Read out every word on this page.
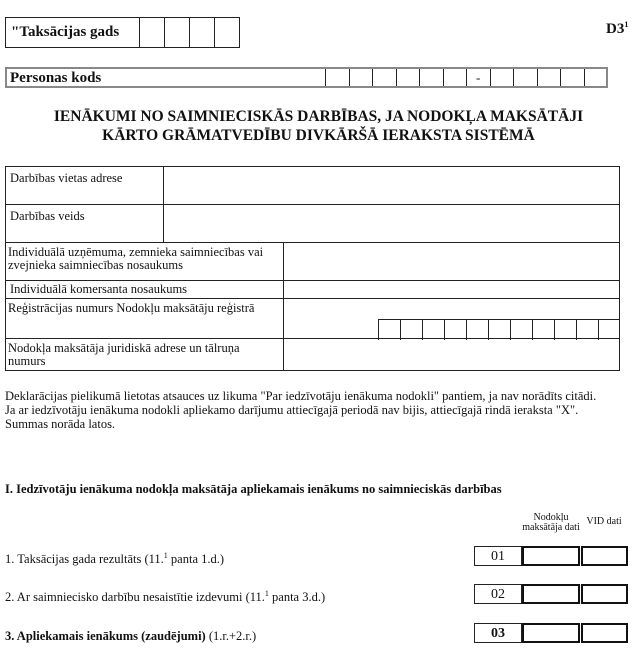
"Taksācijas gads	$D3^1$
Personas kods	-
IENĀKUMI NO SAIMNIECISKĀS DARBĪBAS, JA NODOKĻA MAKSĀTĀJI
KĀRTO GRĀMATVEDĪBU DIVKĀRŠĀ IERAKSTA SISTĒMĀ
Darbības vietas adrese
Darbības veids
Individuālā uzņēmuma, zemnieka saimniecības vai zvejnieka saimniecības nosaukums
Individuālā komersanta nosaukums
Reģistrācijas numurs Nodokļu maksātāju reģistrā
Nodokļa maksātāja juridiskā adrese un tālruņa numurs
Deklarācijas pielikumā lietotas atsauces uz likuma "Par iedzīvotāju ienākuma nodokli" pantiem, ja nav norādīts citādi.
Ja ar iedzīvotāju ienākuma nodokli apliekamo darījumu attiecīgajā periodā nav bijis, attiecīgajā rindā ieraksta "X".
Summas norāda latos.
I. Iedzīvotāju ienākuma nodokļa maksātāja apliekamais ienākums no saimnieciskās darbības
Nodokļu maksātāja dati
VID dati
1. Taksācijas gada rezultāts (11.$^1$ panta 1.d.)	01
2. Ar saimniecisko darbību nesaistītie izdevumi (11.$^1$ panta 3.d.)	02
3. Apliekamais ienākums (zaudējumi) (1.r.+2.r.)	03
